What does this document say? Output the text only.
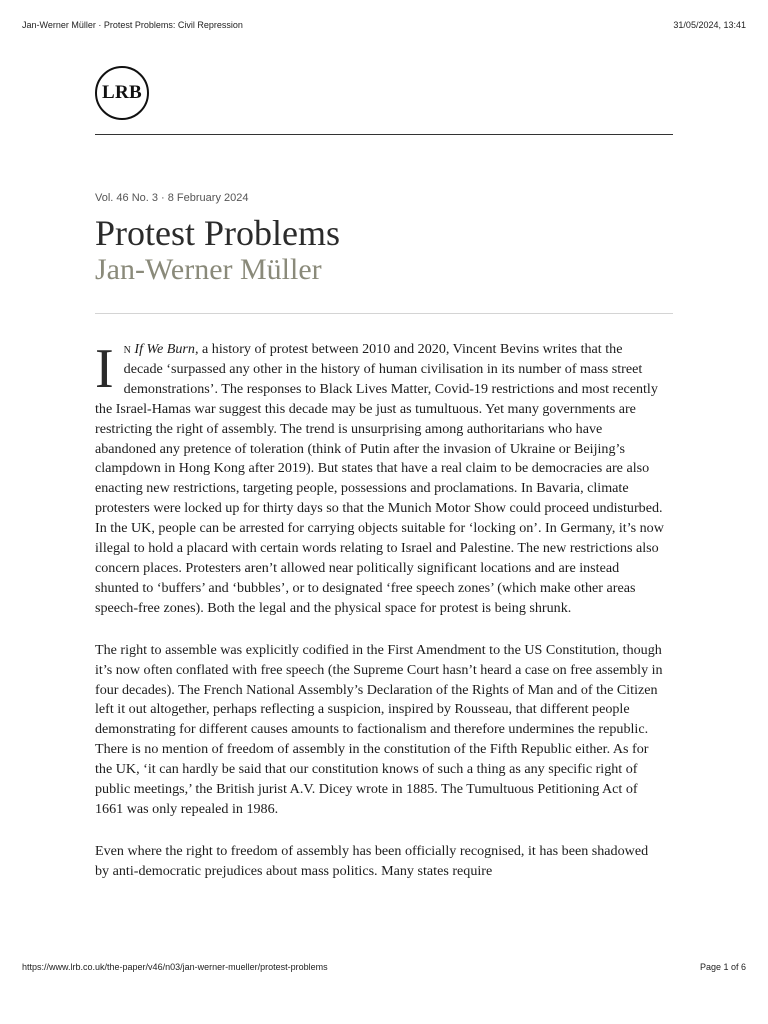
Jan-Werner Müller · Protest Problems: Civil Repression	31/05/2024, 13:41
LRB
Vol. 46 No. 3 · 8 February 2024
Protest Problems
Jan-Werner Müller

In If We Burn, a history of protest between 2010 and 2020, Vincent Bevins writes that the decade ‘surpassed any other in the history of human civilisation in its number of mass street demonstrations’. The responses to Black Lives Matter, Covid-19 restrictions and most recently the Israel-Hamas war suggest this decade may be just as tumultuous. Yet many governments are restricting the right of assembly. The trend is unsurprising among authoritarians who have abandoned any pretence of toleration (think of Putin after the invasion of Ukraine or Beijing’s clampdown in Hong Kong after 2019). But states that have a real claim to be democracies are also enacting new restrictions, targeting people, possessions and proclamations. In Bavaria, climate protesters were locked up for thirty days so that the Munich Motor Show could proceed undisturbed. In the UK, people can be arrested for carrying objects suitable for ‘locking on’. In Germany, it’s now illegal to hold a placard with certain words relating to Israel and Palestine. The new restrictions also concern places. Protesters aren’t allowed near politically significant locations and are instead shunted to ‘buffers’ and ‘bubbles’, or to designated ‘free speech zones’ (which make other areas speech-free zones). Both the legal and the physical space for protest is being shrunk.

The right to assemble was explicitly codified in the First Amendment to the US Constitution, though it’s now often conflated with free speech (the Supreme Court hasn’t heard a case on free assembly in four decades). The French National Assembly’s Declaration of the Rights of Man and of the Citizen left it out altogether, perhaps reflecting a suspicion, inspired by Rousseau, that different people demonstrating for different causes amounts to factionalism and therefore undermines the republic. There is no mention of freedom of assembly in the constitution of the Fifth Republic either. As for the UK, ‘it can hardly be said that our constitution knows of such a thing as any specific right of public meetings,’ the British jurist A.V. Dicey wrote in 1885. The Tumultuous Petitioning Act of 1661 was only repealed in 1986.

Even where the right to freedom of assembly has been officially recognised, it has been shadowed by anti-democratic prejudices about mass politics. Many states require

https://www.lrb.co.uk/the-paper/v46/n03/jan-werner-mueller/protest-problems	Page 1 of 6
